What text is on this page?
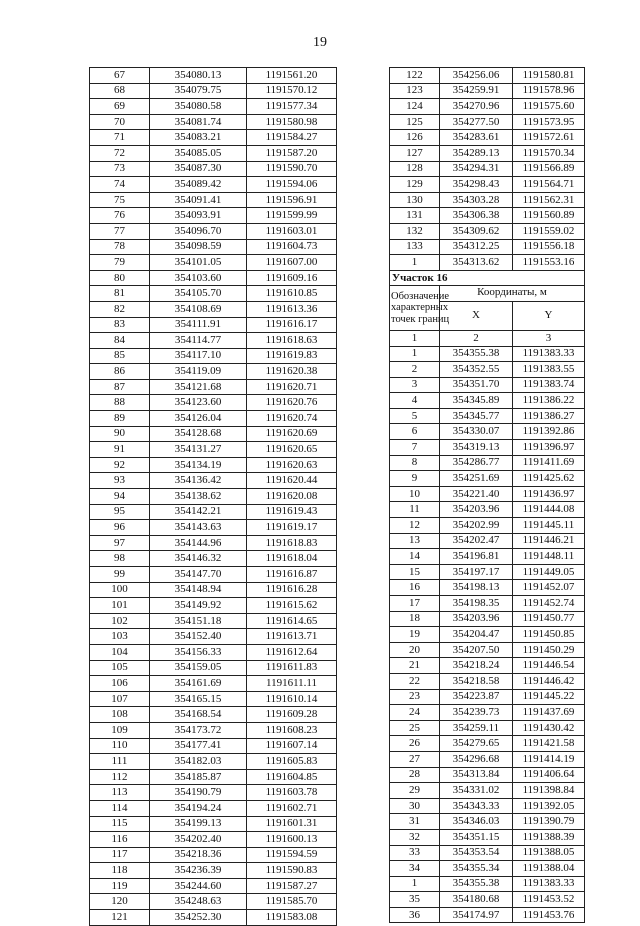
19
67	354080.13	1191561.20
68	354079.75	1191570.12
69	354080.58	1191577.34
70	354081.74	1191580.98
71	354083.21	1191584.27
72	354085.05	1191587.20
73	354087.30	1191590.70
74	354089.42	1191594.06
75	354091.41	1191596.91
76	354093.91	1191599.99
77	354096.70	1191603.01
78	354098.59	1191604.73
79	354101.05	1191607.00
80	354103.60	1191609.16
81	354105.70	1191610.85
82	354108.69	1191613.36
83	354111.91	1191616.17
84	354114.77	1191618.63
85	354117.10	1191619.83
86	354119.09	1191620.38
87	354121.68	1191620.71
88	354123.60	1191620.76
89	354126.04	1191620.74
90	354128.68	1191620.69
91	354131.27	1191620.65
92	354134.19	1191620.63
93	354136.42	1191620.44
94	354138.62	1191620.08
95	354142.21	1191619.43
96	354143.63	1191619.17
97	354144.96	1191618.83
98	354146.32	1191618.04
99	354147.70	1191616.87
100	354148.94	1191616.28
101	354149.92	1191615.62
102	354151.18	1191614.65
103	354152.40	1191613.71
104	354156.33	1191612.64
105	354159.05	1191611.83
106	354161.69	1191611.11
107	354165.15	1191610.14
108	354168.54	1191609.28
109	354173.72	1191608.23
110	354177.41	1191607.14
111	354182.03	1191605.83
112	354185.87	1191604.85
113	354190.79	1191603.78
114	354194.24	1191602.71
115	354199.13	1191601.31
116	354202.40	1191600.13
117	354218.36	1191594.59
118	354236.39	1191590.83
119	354244.60	1191587.27
120	354248.63	1191585.70
121	354252.30	1191583.08
122	354256.06	1191580.81
123	354259.91	1191578.96
124	354270.96	1191575.60
125	354277.50	1191573.95
126	354283.61	1191572.61
127	354289.13	1191570.34
128	354294.31	1191566.89
129	354298.43	1191564.71
130	354303.28	1191562.31
131	354306.38	1191560.89
132	354309.62	1191559.02
133	354312.25	1191556.18
1	354313.62	1191553.16
Участок 16		
Обозначение
характерных
точек границ	Координаты, м	
	X	Y
1	2	3
1	354355.38	1191383.33
2	354352.55	1191383.55
3	354351.70	1191383.74
4	354345.89	1191386.22
5	354345.77	1191386.27
6	354330.07	1191392.86
7	354319.13	1191396.97
8	354286.77	1191411.69
9	354251.69	1191425.62
10	354221.40	1191436.97
11	354203.96	1191444.08
12	354202.99	1191445.11
13	354202.47	1191446.21
14	354196.81	1191448.11
15	354197.17	1191449.05
16	354198.13	1191452.07
17	354198.35	1191452.74
18	354203.96	1191450.77
19	354204.47	1191450.85
20	354207.50	1191450.29
21	354218.24	1191446.54
22	354218.58	1191446.42
23	354223.87	1191445.22
24	354239.73	1191437.69
25	354259.11	1191430.42
26	354279.65	1191421.58
27	354296.68	1191414.19
28	354313.84	1191406.64
29	354331.02	1191398.84
30	354343.33	1191392.05
31	354346.03	1191390.79
32	354351.15	1191388.39
33	354353.54	1191388.05
34	354355.34	1191388.04
1	354355.38	1191383.33
35	354180.68	1191453.52
36	354174.97	1191453.76
